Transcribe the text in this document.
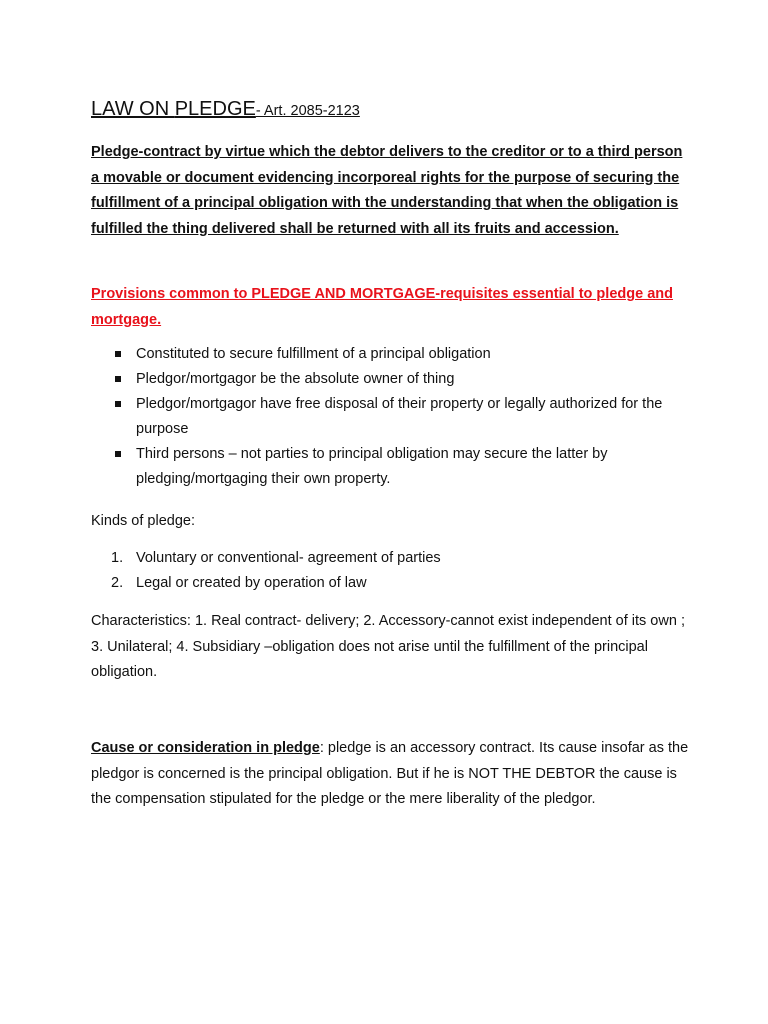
LAW ON PLEDGE- Art. 2085-2123
Pledge-contract by virtue which the debtor delivers to the creditor or to a third person a movable or document evidencing incorporeal rights for the purpose of securing the fulfillment of a principal obligation with the understanding that when the obligation is fulfilled the thing delivered shall be returned with all its fruits and accession.
Provisions common to PLEDGE AND MORTGAGE-requisites essential to pledge and mortgage.
Constituted to secure fulfillment of a principal obligation
Pledgor/mortgagor be the absolute owner of thing
Pledgor/mortgagor have free disposal of their property or legally authorized for the purpose
Third persons – not parties to principal obligation may secure the latter by pledging/mortgaging their own property.
Kinds of pledge:
1. Voluntary or conventional- agreement of parties
2. Legal or created by operation of law
Characteristics: 1. Real contract- delivery; 2. Accessory-cannot exist independent of its own ; 3. Unilateral; 4. Subsidiary –obligation does not arise until the fulfillment of the principal obligation.
Cause or consideration in pledge: pledge is an accessory contract. Its cause insofar as the pledgor is concerned is the principal obligation. But if he is NOT THE DEBTOR the cause is the compensation stipulated for the pledge or the mere liberality of the pledgor.
